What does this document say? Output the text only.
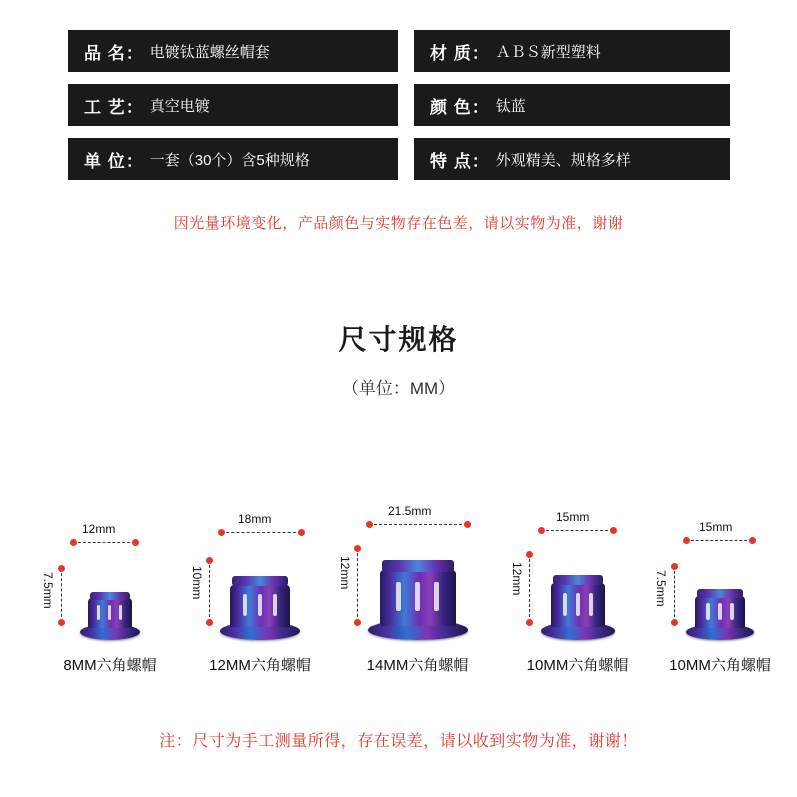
品 名： 电镀钛蓝螺丝帽套	材 质： ＡＢＳ新型塑料
工 艺： 真空电镀	颜 色： 钛蓝
单 位： 一套（30个）含5种规格	特 点： 外观精美、规格多样
因光量环境变化，产品颜色与实物存在色差，请以实物为准，谢谢
尺寸规格
（单位：MM）
12mm
7.5mm
8MM六角螺帽
18mm
10mm
12MM六角螺帽
21.5mm
12mm
14MM六角螺帽
15mm
12mm
10MM六角螺帽
15mm
7.5mm
10MM六角螺帽
注：尺寸为手工测量所得，存在误差，请以收到实物为准，谢谢！
